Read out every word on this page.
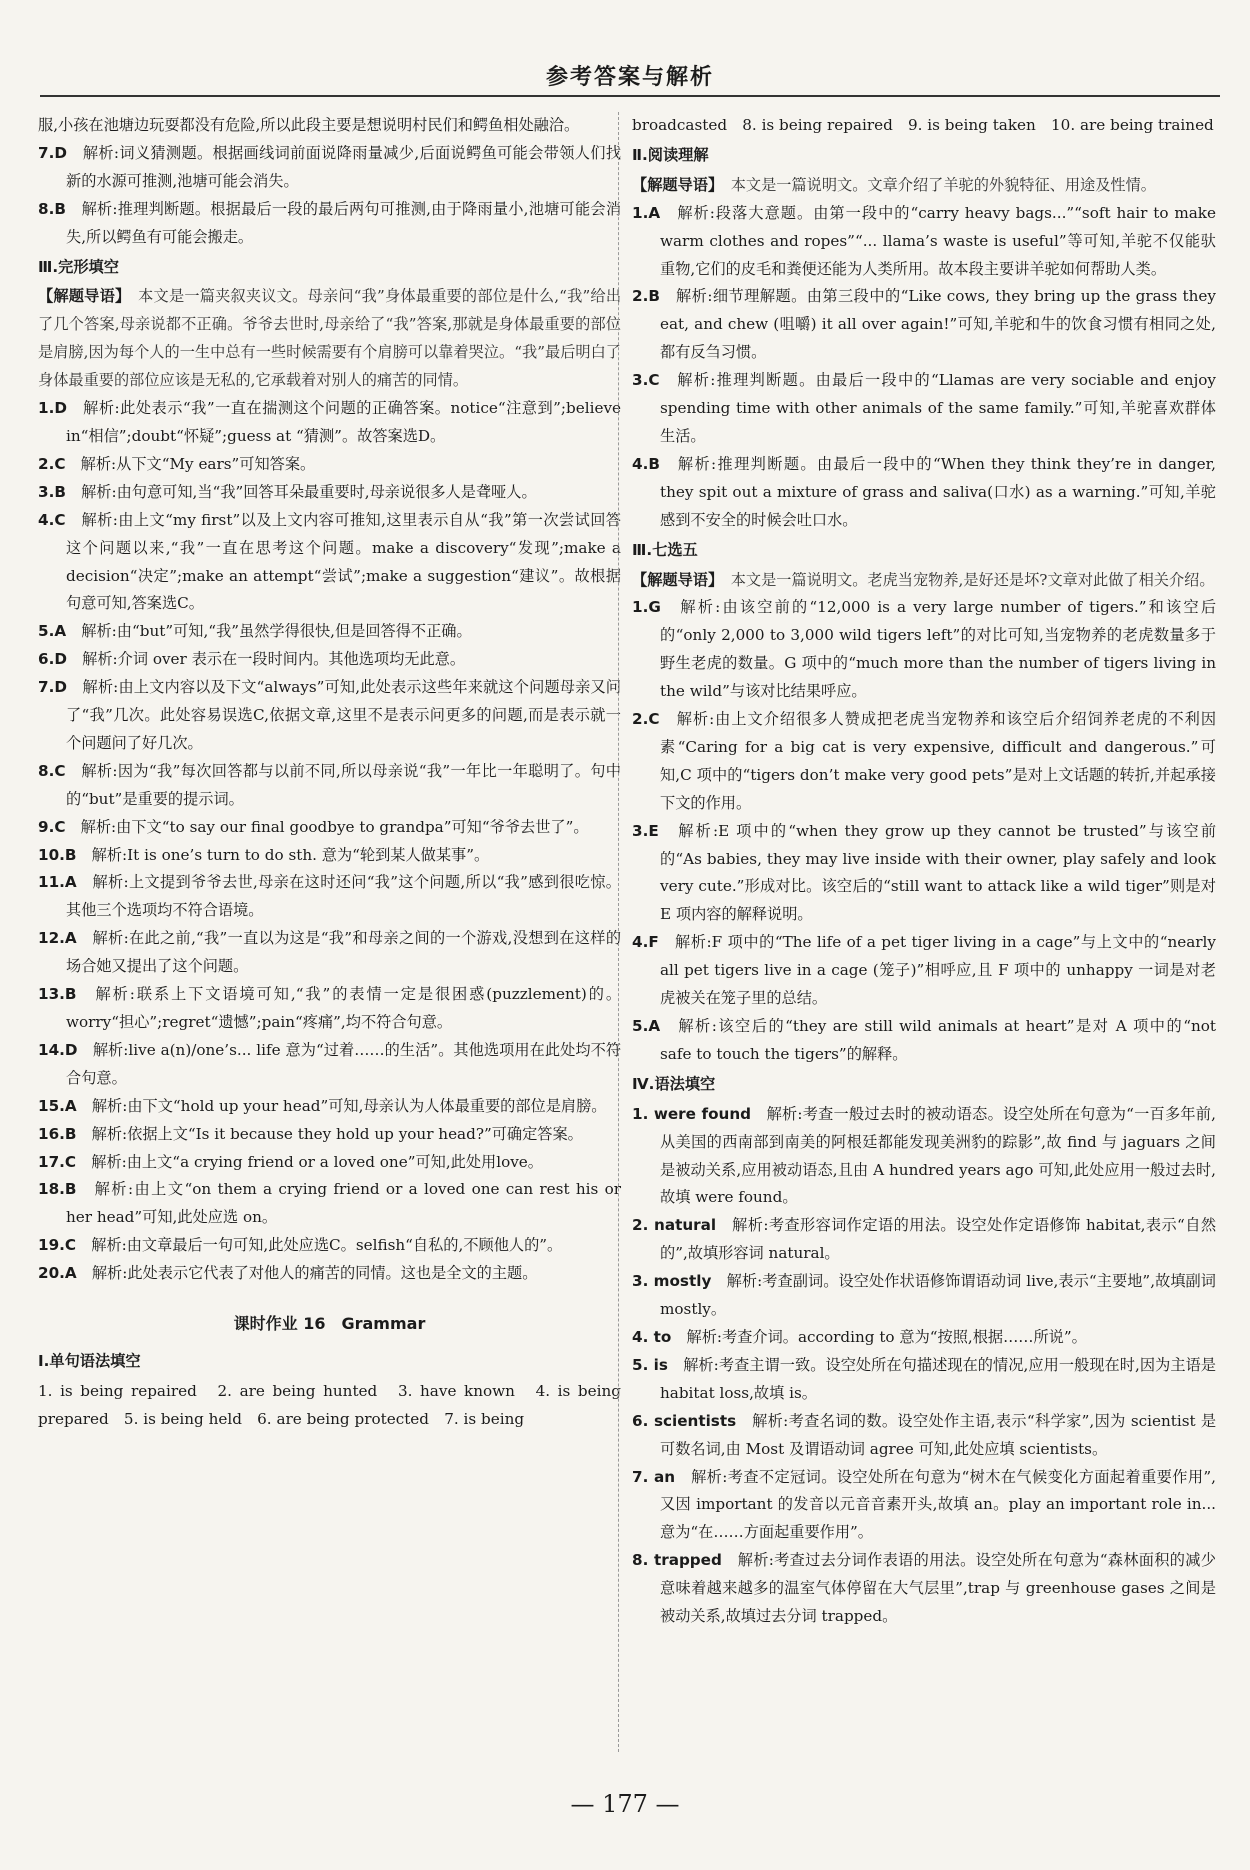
参考答案与解析
服,小孩在池塘边玩耍都没有危险,所以此段主要是想说明村民们和鳄鱼相处融洽。
7.D　 解析:词义猜测题。根据画线词前面说降雨量减少,后面说鳄鱼可能会带领人们找新的水源可推测,池塘可能会消失。
8.B　 解析:推理判断题。根据最后一段的最后两句可推测,由于降雨量小,池塘可能会消失,所以鳄鱼有可能会搬走。
Ⅲ.完形填空
【解题导语】　 本文是一篇夹叙夹议文。母亲问“我”身体最重要的部位是什么,“我”给出了几个答案,母亲说都不正确。爷爷去世时,母亲给了“我”答案,那就是身体最重要的部位是肩膀,因为每个人的一生中总有一些时候需要有个肩膀可以靠着哭泣。“我”最后明白了身体最重要的部位应该是无私的,它承载着对别人的痛苦的同情。
1.D　 解析:此处表示“我”一直在揣测这个问题的正确答案。notice“注意到”;believe in“相信”;doubt“怀疑”;guess at “猜测”。故答案选D。
2.C　 解析:从下文“My ears”可知答案。
3.B　 解析:由句意可知,当“我”回答耳朵最重要时,母亲说很多人是聋哑人。
4.C　 解析:由上文“my first”以及上文内容可推知,这里表示自从“我”第一次尝试回答这个问题以来,“我”一直在思考这个问题。make a discovery“发现”;make a decision“决定”;make an attempt“尝试”;make a suggestion“建议”。故根据句意可知,答案选C。
5.A　 解析:由“but”可知,“我”虽然学得很快,但是回答得不正确。
6.D　 解析:介词 over 表示在一段时间内。其他选项均无此意。
7.D　 解析:由上文内容以及下文“always”可知,此处表示这些年来就这个问题母亲又问了“我”几次。此处容易误选C,依据文章,这里不是表示问更多的问题,而是表示就一个问题问了好几次。
8.C　 解析:因为“我”每次回答都与以前不同,所以母亲说“我”一年比一年聪明了。句中的“but”是重要的提示词。
9.C　 解析:由下文“to say our final goodbye to grandpa”可知“爷爷去世了”。
10.B　 解析:It is one’s turn to do sth. 意为“轮到某人做某事”。
11.A　 解析:上文提到爷爷去世,母亲在这时还问“我”这个问题,所以“我”感到很吃惊。其他三个选项均不符合语境。
12.A　 解析:在此之前,“我”一直以为这是“我”和母亲之间的一个游戏,没想到在这样的场合她又提出了这个问题。
13.B　 解析:联系上下文语境可知,“我”的表情一定是很困惑(puzzlement)的。worry“担心”;regret“遗憾”;pain“疼痛”,均不符合句意。
14.D　 解析:live a(n)/one’s... life 意为“过着……的生活”。其他选项用在此处均不符合句意。
15.A　 解析:由下文“hold up your head”可知,母亲认为人体最重要的部位是肩膀。
16.B　 解析:依据上文“Is it because they hold up your head?”可确定答案。
17.C　 解析:由上文“a crying friend or a loved one”可知,此处用love。
18.B　 解析:由上文“on them a crying friend or a loved one can rest his or her head”可知,此处应选 on。
19.C　 解析:由文章最后一句可知,此处应选C。selfish“自私的,不顾他人的”。
20.A　 解析:此处表示它代表了对他人的痛苦的同情。这也是全文的主题。
课时作业 16　Grammar
Ⅰ.单句语法填空
1. is being repaired　2. are being hunted　3. have known　4. is being prepared　5. is being held　6. are being protected　7. is being
broadcasted　8. is being repaired　9. is being taken　10. are being trained
Ⅱ.阅读理解
【解题导语】　 本文是一篇说明文。文章介绍了羊驼的外貌特征、用途及性情。
1.A　 解析:段落大意题。由第一段中的“carry heavy bags...”“soft hair to make warm clothes and ropes”“... llama’s waste is useful”等可知,羊驼不仅能驮重物,它们的皮毛和粪便还能为人类所用。故本段主要讲羊驼如何帮助人类。
2.B　 解析:细节理解题。由第三段中的“Like cows, they bring up the grass they eat, and chew (咀嚼) it all over again!”可知,羊驼和牛的饮食习惯有相同之处,都有反刍习惯。
3.C　 解析:推理判断题。由最后一段中的“Llamas are very sociable and enjoy spending time with other animals of the same family.”可知,羊驼喜欢群体生活。
4.B　 解析:推理判断题。由最后一段中的“When they think they’re in danger, they spit out a mixture of grass and saliva(口水) as a warning.”可知,羊驼感到不安全的时候会吐口水。
Ⅲ.七选五
【解题导语】　 本文是一篇说明文。老虎当宠物养,是好还是坏?文章对此做了相关介绍。
1.G　 解析:由该空前的“12,000 is a very large number of tigers.”和该空后的“only 2,000 to 3,000 wild tigers left”的对比可知,当宠物养的老虎数量多于野生老虎的数量。G 项中的“much more than the number of tigers living in the wild”与该对比结果呼应。
2.C　 解析:由上文介绍很多人赞成把老虎当宠物养和该空后介绍饲养老虎的不利因素“Caring for a big cat is very expensive, difficult and dangerous.”可知,C 项中的“tigers don’t make very good pets”是对上文话题的转折,并起承接下文的作用。
3.E　 解析:E 项中的“when they grow up they cannot be trusted”与该空前的“As babies, they may live inside with their owner, play safely and look very cute.”形成对比。该空后的“still want to attack like a wild tiger”则是对 E 项内容的解释说明。
4.F　 解析:F 项中的“The life of a pet tiger living in a cage”与上文中的“nearly all pet tigers live in a cage (笼子)”相呼应,且 F 项中的 unhappy 一词是对老虎被关在笼子里的总结。
5.A　 解析:该空后的“they are still wild animals at heart”是对 A 项中的“not safe to touch the tigers”的解释。
Ⅳ.语法填空
1. were found　 解析:考查一般过去时的被动语态。设空处所在句意为“一百多年前,从美国的西南部到南美的阿根廷都能发现美洲豹的踪影”,故 find 与 jaguars 之间是被动关系,应用被动语态,且由 A hundred years ago 可知,此处应用一般过去时,故填 were found。
2. natural　 解析:考查形容词作定语的用法。设空处作定语修饰 habitat,表示“自然的”,故填形容词 natural。
3. mostly　 解析:考查副词。设空处作状语修饰谓语动词 live,表示“主要地”,故填副词 mostly。
4. to　 解析:考查介词。according to 意为“按照,根据……所说”。
5. is　 解析:考查主谓一致。设空处所在句描述现在的情况,应用一般现在时,因为主语是 habitat loss,故填 is。
6. scientists　 解析:考查名词的数。设空处作主语,表示“科学家”,因为 scientist 是可数名词,由 Most 及谓语动词 agree 可知,此处应填 scientists。
7. an　 解析:考查不定冠词。设空处所在句意为“树木在气候变化方面起着重要作用”,又因 important 的发音以元音音素开头,故填 an。play an important role in... 意为“在……方面起重要作用”。
8. trapped　 解析:考查过去分词作表语的用法。设空处所在句意为“森林面积的减少意味着越来越多的温室气体停留在大气层里”,trap 与 greenhouse gases 之间是被动关系,故填过去分词 trapped。
— 177 —
